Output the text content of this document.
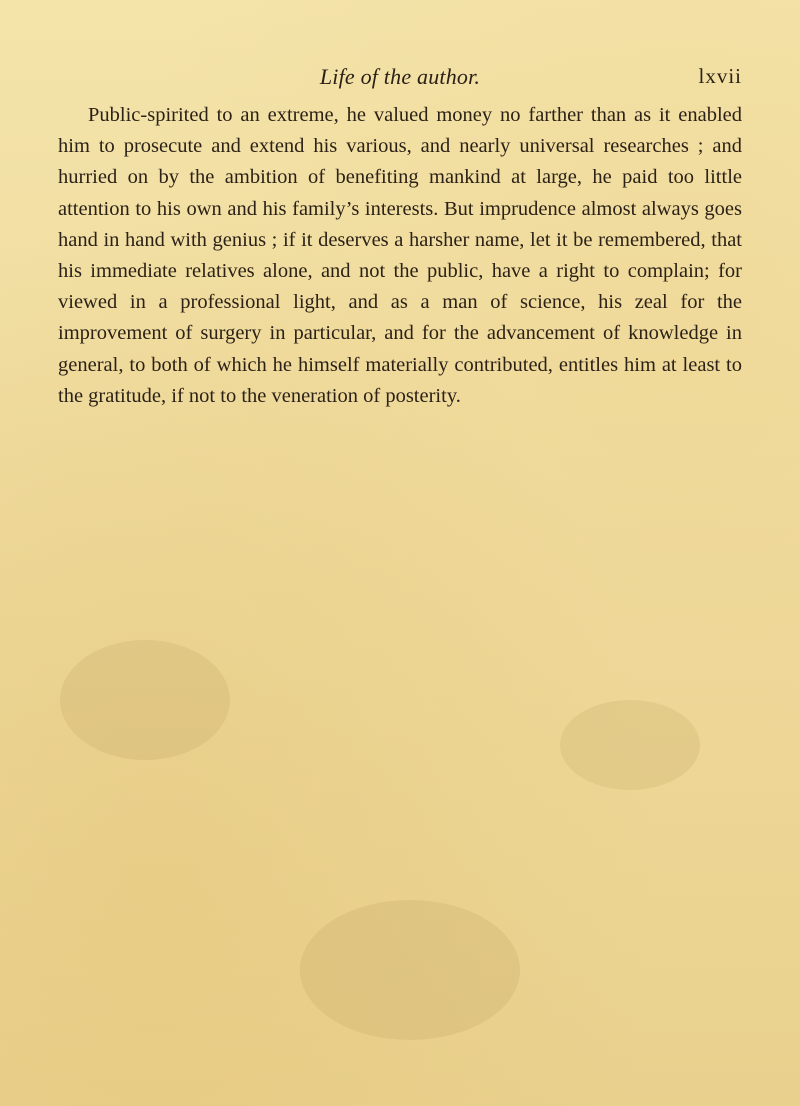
Life of the author.	lxvii

Public-spirited to an extreme, he valued money no farther than as it enabled him to prosecute and extend his various, and nearly universal researches ; and hurried on by the ambition of benefiting mankind at large, he paid too little attention to his own and his family’s interests. But imprudence almost always goes hand in hand with genius ; if it deserves a harsher name, let it be remembered, that his immediate relatives alone, and not the public, have a right to complain; for viewed in a professional light, and as a man of science, his zeal for the improvement of surgery in particular, and for the advancement of knowledge in general, to both of which he himself materially contributed, entitles him at least to the gratitude, if not to the veneration of posterity.
